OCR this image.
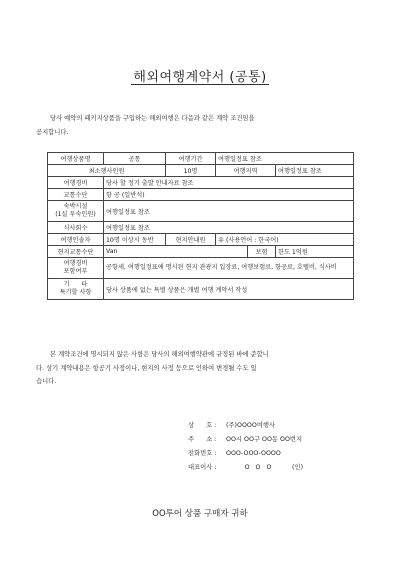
해외여행계약서 (공통)
당사 예약의 패키지상품을 구입하는 해외여행은 다음과 같은 계약 조건임을
공지합니다.
여행상품명	공통	여행기간	여행일정표 참조		
최소행사인원		10명	여행지역		여행일정표 참조
여행경비	당사 할 정기 출발 안내자료 참조				
교통수단	항 공 (일반석)				
숙박시설
(1실 투숙인원)	여행일정표 참조				
식사회수	여행일정표 참조				
여행인솔자	10명 이상시 동반	현지안내원	유 (사용언어 : 한국어)		
현지교통수단	Van			보험	한도 1억원
여행경비
포함여부	공항세, 여행일정표에 명시된 현지 관광지 입장료, 여행보험료, 항공료, 호텔비, 식사비				
기      타
특기할 사항	당사 상품에 없는 특별 상품은 개별 여행 계약서 작성				
본 계약조건에 명시되지 않은 사항은 당사의 해외여행약관에 규정된 바에 준합니
다. 상기 계약내용은 항공기 사정이나, 현지의 사정 등으로 인하여 변경될 수도 있
습니다.
상      호 : (주)OOOO여행사
주      소 : OO시 OO구 OO동 OO번지
전화번호 : OOO-OOO-OOOO
대표이사 :	O   O   O	(인)
OO투어 상품 구매자 귀하
